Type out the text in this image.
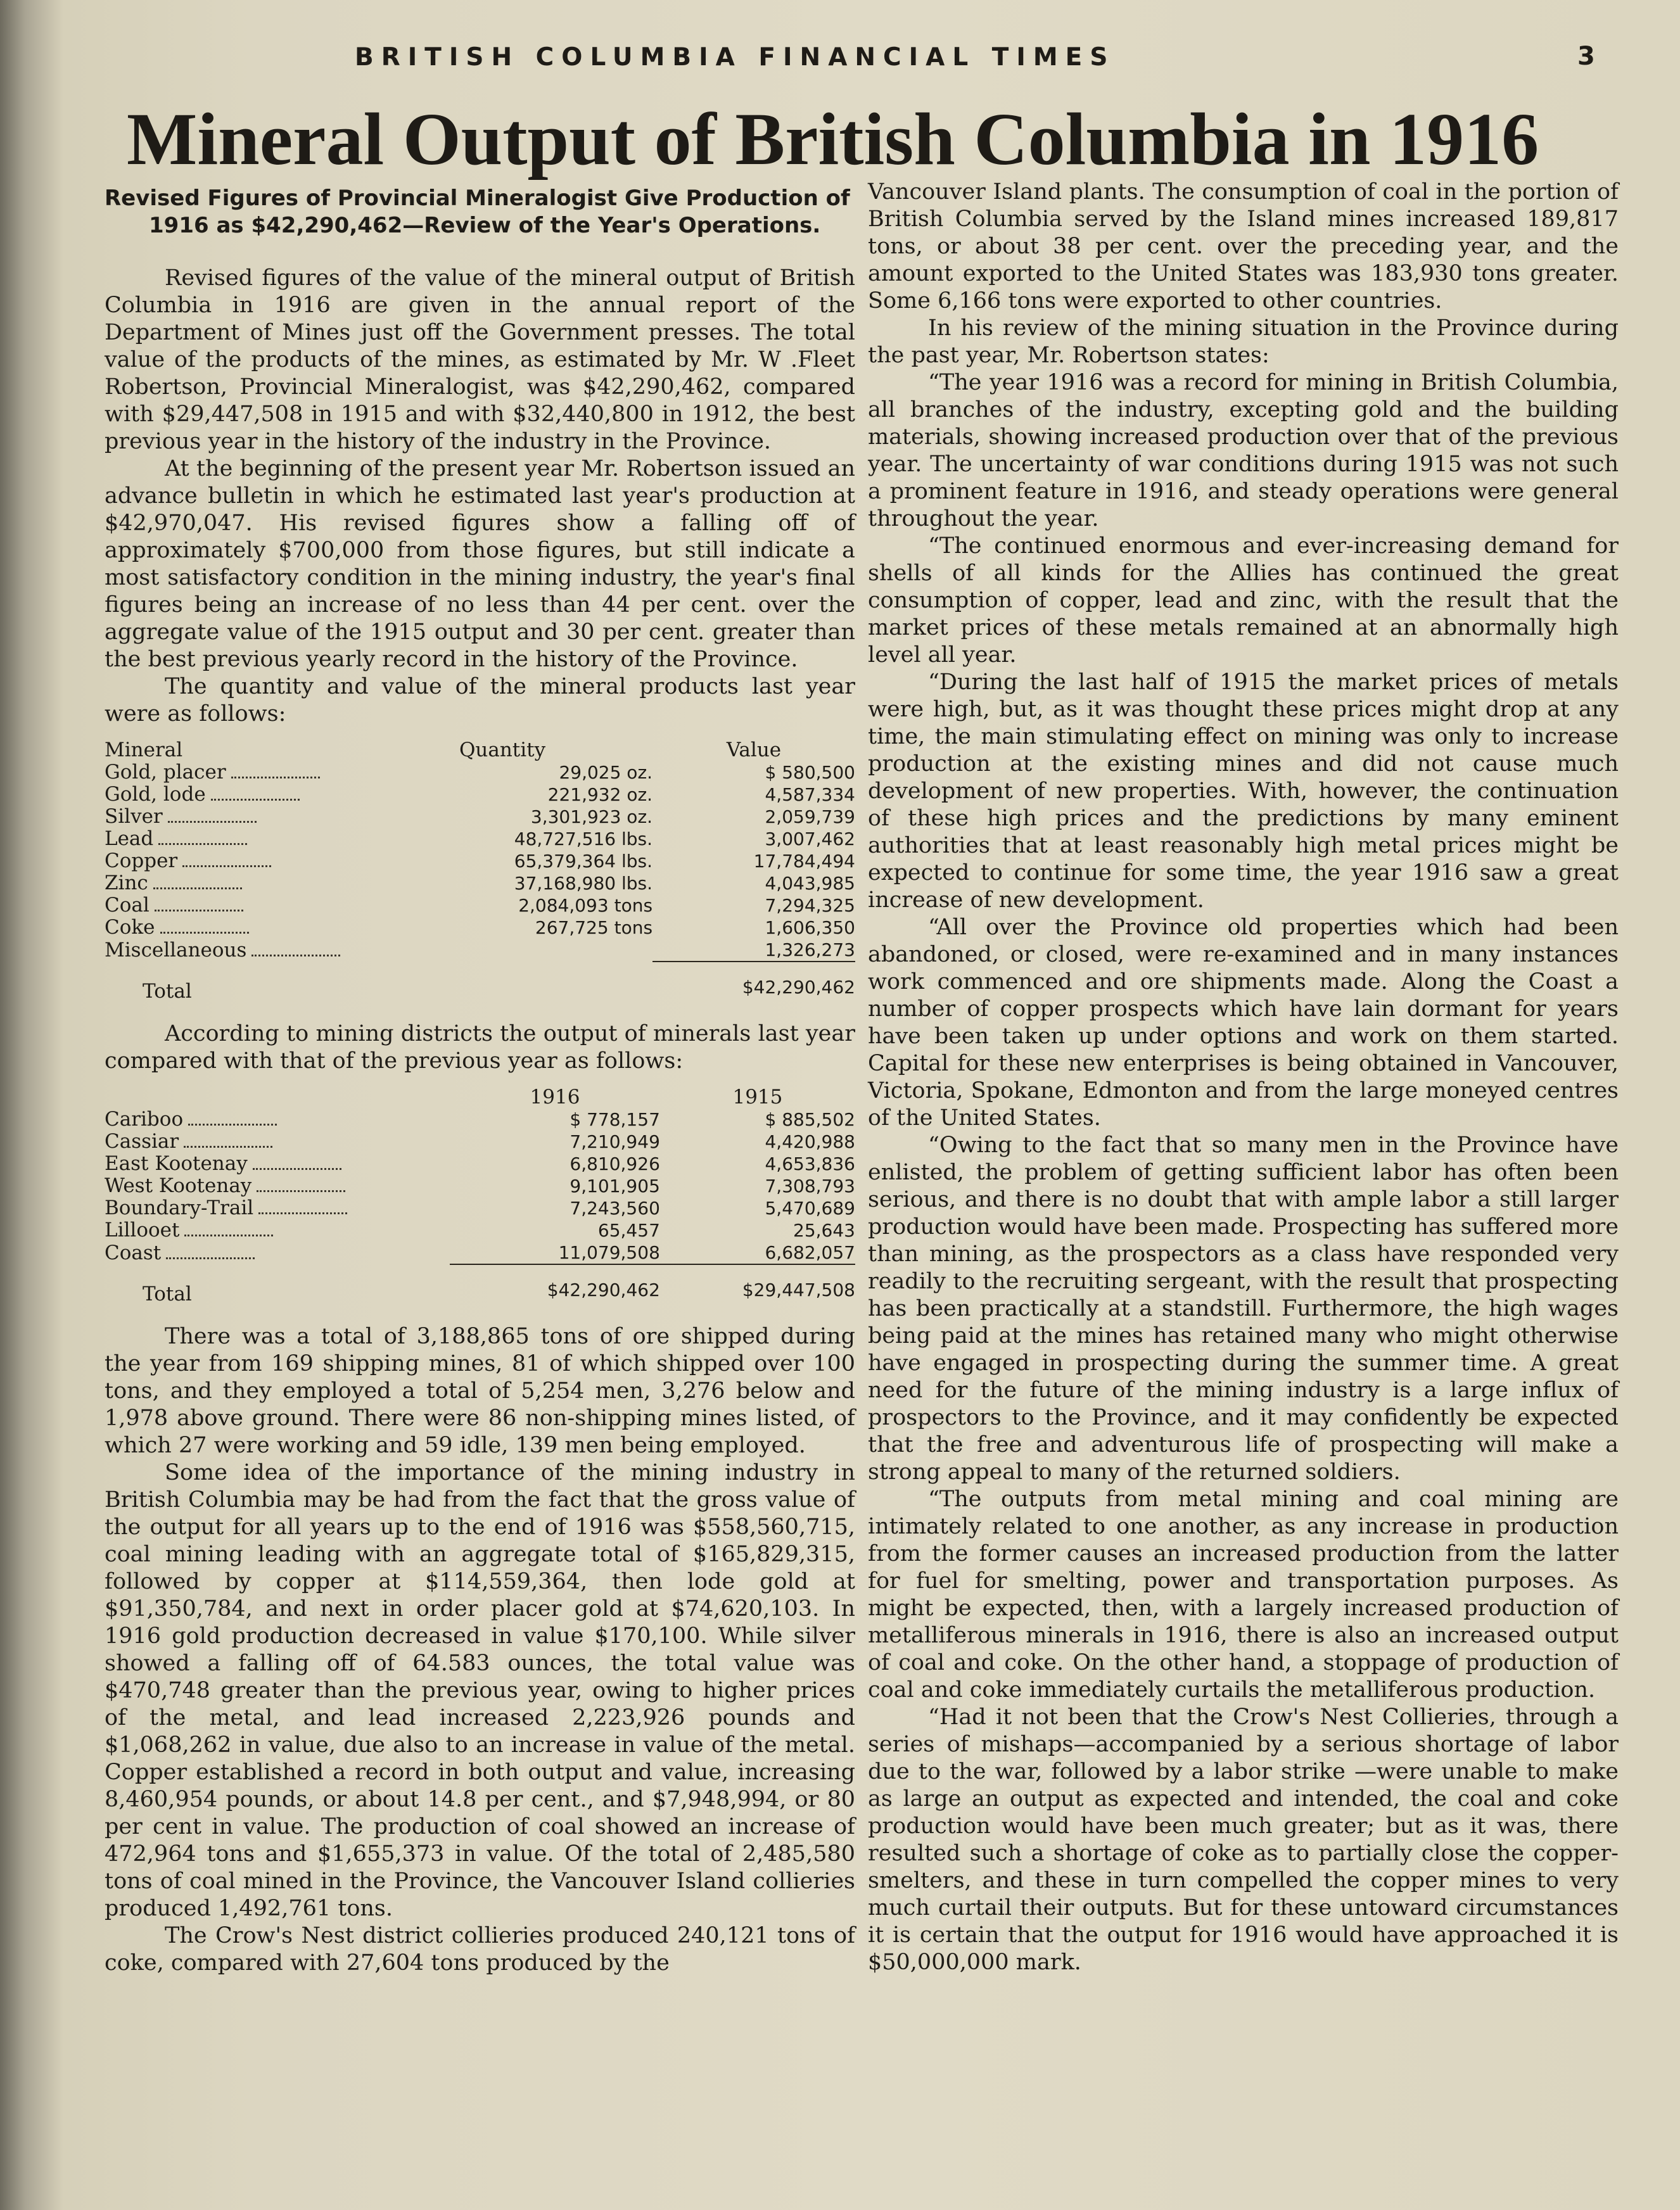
BRITISH COLUMBIA FINANCIAL TIMES	3
Mineral Output of British Columbia in 1916
Revised Figures of Provincial Mineralogist Give Production of 1916 as $42,290,462—Review of the Year's Operations.

Revised figures of the value of the mineral output of British Columbia in 1916 are given in the annual report of the Department of Mines just off the Government presses. The total value of the products of the mines, as estimated by Mr. W .Fleet Robertson, Provincial Mineralogist, was $42,290,462, compared with $29,447,508 in 1915 and with $32,440,800 in 1912, the best previous year in the history of the industry in the Province.

At the beginning of the present year Mr. Robertson issued an advance bulletin in which he estimated last year's production at $42,970,047. His revised figures show a falling off of approximately $700,000 from those figures, but still indicate a most satisfactory condition in the mining industry, the year's final figures being an increase of no less than 44 per cent. over the aggregate value of the 1915 output and 30 per cent. greater than the best previous yearly record in the history of the Province.

The quantity and value of the mineral products last year were as follows:

Mineral	Quantity	Value
Gold, placer	29,025 oz.	$ 580,500
Gold, lode	221,932 oz.	4,587,334
Silver	3,301,923 oz.	2,059,739
Lead	48,727,516 lbs.	3,007,462
Copper	65,379,364 lbs.	17,784,494
Zinc	37,168,980 lbs.	4,043,985
Coal	2,084,093 tons	7,294,325
Coke	267,725 tons	1,606,350
Miscellaneous		1,326,273
Total		$42,290,462

According to mining districts the output of minerals last year compared with that of the previous year as follows:

	1916	1915
Cariboo	$ 778,157	$ 885,502
Cassiar	7,210,949	4,420,988
East Kootenay	6,810,926	4,653,836
West Kootenay	9,101,905	7,308,793
Boundary-Trail	7,243,560	5,470,689
Lillooet	65,457	25,643
Coast	11,079,508	6,682,057
Total	$42,290,462	$29,447,508

There was a total of 3,188,865 tons of ore shipped during the year from 169 shipping mines, 81 of which shipped over 100 tons, and they employed a total of 5,254 men, 3,276 below and 1,978 above ground. There were 86 non-shipping mines listed, of which 27 were working and 59 idle, 139 men being employed.

Some idea of the importance of the mining industry in British Columbia may be had from the fact that the gross value of the output for all years up to the end of 1916 was $558,560,715, coal mining leading with an aggregate total of $165,829,315, followed by copper at $114,559,364, then lode gold at $91,350,784, and next in order placer gold at $74,620,103. In 1916 gold production decreased in value $170,100. While silver showed a falling off of 64.583 ounces, the total value was $470,748 greater than the previous year, owing to higher prices of the metal, and lead increased 2,223,926 pounds and $1,068,262 in value, due also to an increase in value of the metal. Copper established a record in both output and value, increasing 8,460,954 pounds, or about 14.8 per cent., and $7,948,994, or 80 per cent in value. The production of coal showed an increase of 472,964 tons and $1,655,373 in value. Of the total of 2,485,580 tons of coal mined in the Province, the Vancouver Island collieries produced 1,492,761 tons.

The Crow's Nest district collieries produced 240,121 tons of coke, compared with 27,604 tons produced by the

Vancouver Island plants. The consumption of coal in the portion of British Columbia served by the Island mines increased 189,817 tons, or about 38 per cent. over the preceding year, and the amount exported to the United States was 183,930 tons greater. Some 6,166 tons were exported to other countries.

In his review of the mining situation in the Province during the past year, Mr. Robertson states:

“The year 1916 was a record for mining in British Columbia, all branches of the industry, excepting gold and the building materials, showing increased production over that of the previous year. The uncertainty of war conditions during 1915 was not such a prominent feature in 1916, and steady operations were general throughout the year.

“The continued enormous and ever-increasing demand for shells of all kinds for the Allies has continued the great consumption of copper, lead and zinc, with the result that the market prices of these metals remained at an abnormally high level all year.

“During the last half of 1915 the market prices of metals were high, but, as it was thought these prices might drop at any time, the main stimulating effect on mining was only to increase production at the existing mines and did not cause much development of new properties. With, however, the continuation of these high prices and the predictions by many eminent authorities that at least reasonably high metal prices might be expected to continue for some time, the year 1916 saw a great increase of new development.

“All over the Province old properties which had been abandoned, or closed, were re-examined and in many instances work commenced and ore shipments made. Along the Coast a number of copper prospects which have lain dormant for years have been taken up under options and work on them started. Capital for these new enterprises is being obtained in Vancouver, Victoria, Spokane, Edmonton and from the large moneyed centres of the United States.

“Owing to the fact that so many men in the Province have enlisted, the problem of getting sufficient labor has often been serious, and there is no doubt that with ample labor a still larger production would have been made. Prospecting has suffered more than mining, as the prospectors as a class have responded very readily to the recruiting sergeant, with the result that prospecting has been practically at a standstill. Furthermore, the high wages being paid at the mines has retained many who might otherwise have engaged in prospecting during the summer time. A great need for the future of the mining industry is a large influx of prospectors to the Province, and it may confidently be expected that the free and adventurous life of prospecting will make a strong appeal to many of the returned soldiers.

“The outputs from metal mining and coal mining are intimately related to one another, as any increase in production from the former causes an increased production from the latter for fuel for smelting, power and transportation purposes. As might be expected, then, with a largely increased production of metalliferous minerals in 1916, there is also an increased output of coal and coke. On the other hand, a stoppage of production of coal and coke immediately curtails the metalliferous production.

“Had it not been that the Crow's Nest Collieries, through a series of mishaps—accompanied by a serious shortage of labor due to the war, followed by a labor strike —were unable to make as large an output as expected and intended, the coal and coke production would have been much greater; but as it was, there resulted such a shortage of coke as to partially close the copper-smelters, and these in turn compelled the copper mines to very much curtail their outputs. But for these untoward circumstances it is certain that the output for 1916 would have approached it is $50,000,000 mark.
